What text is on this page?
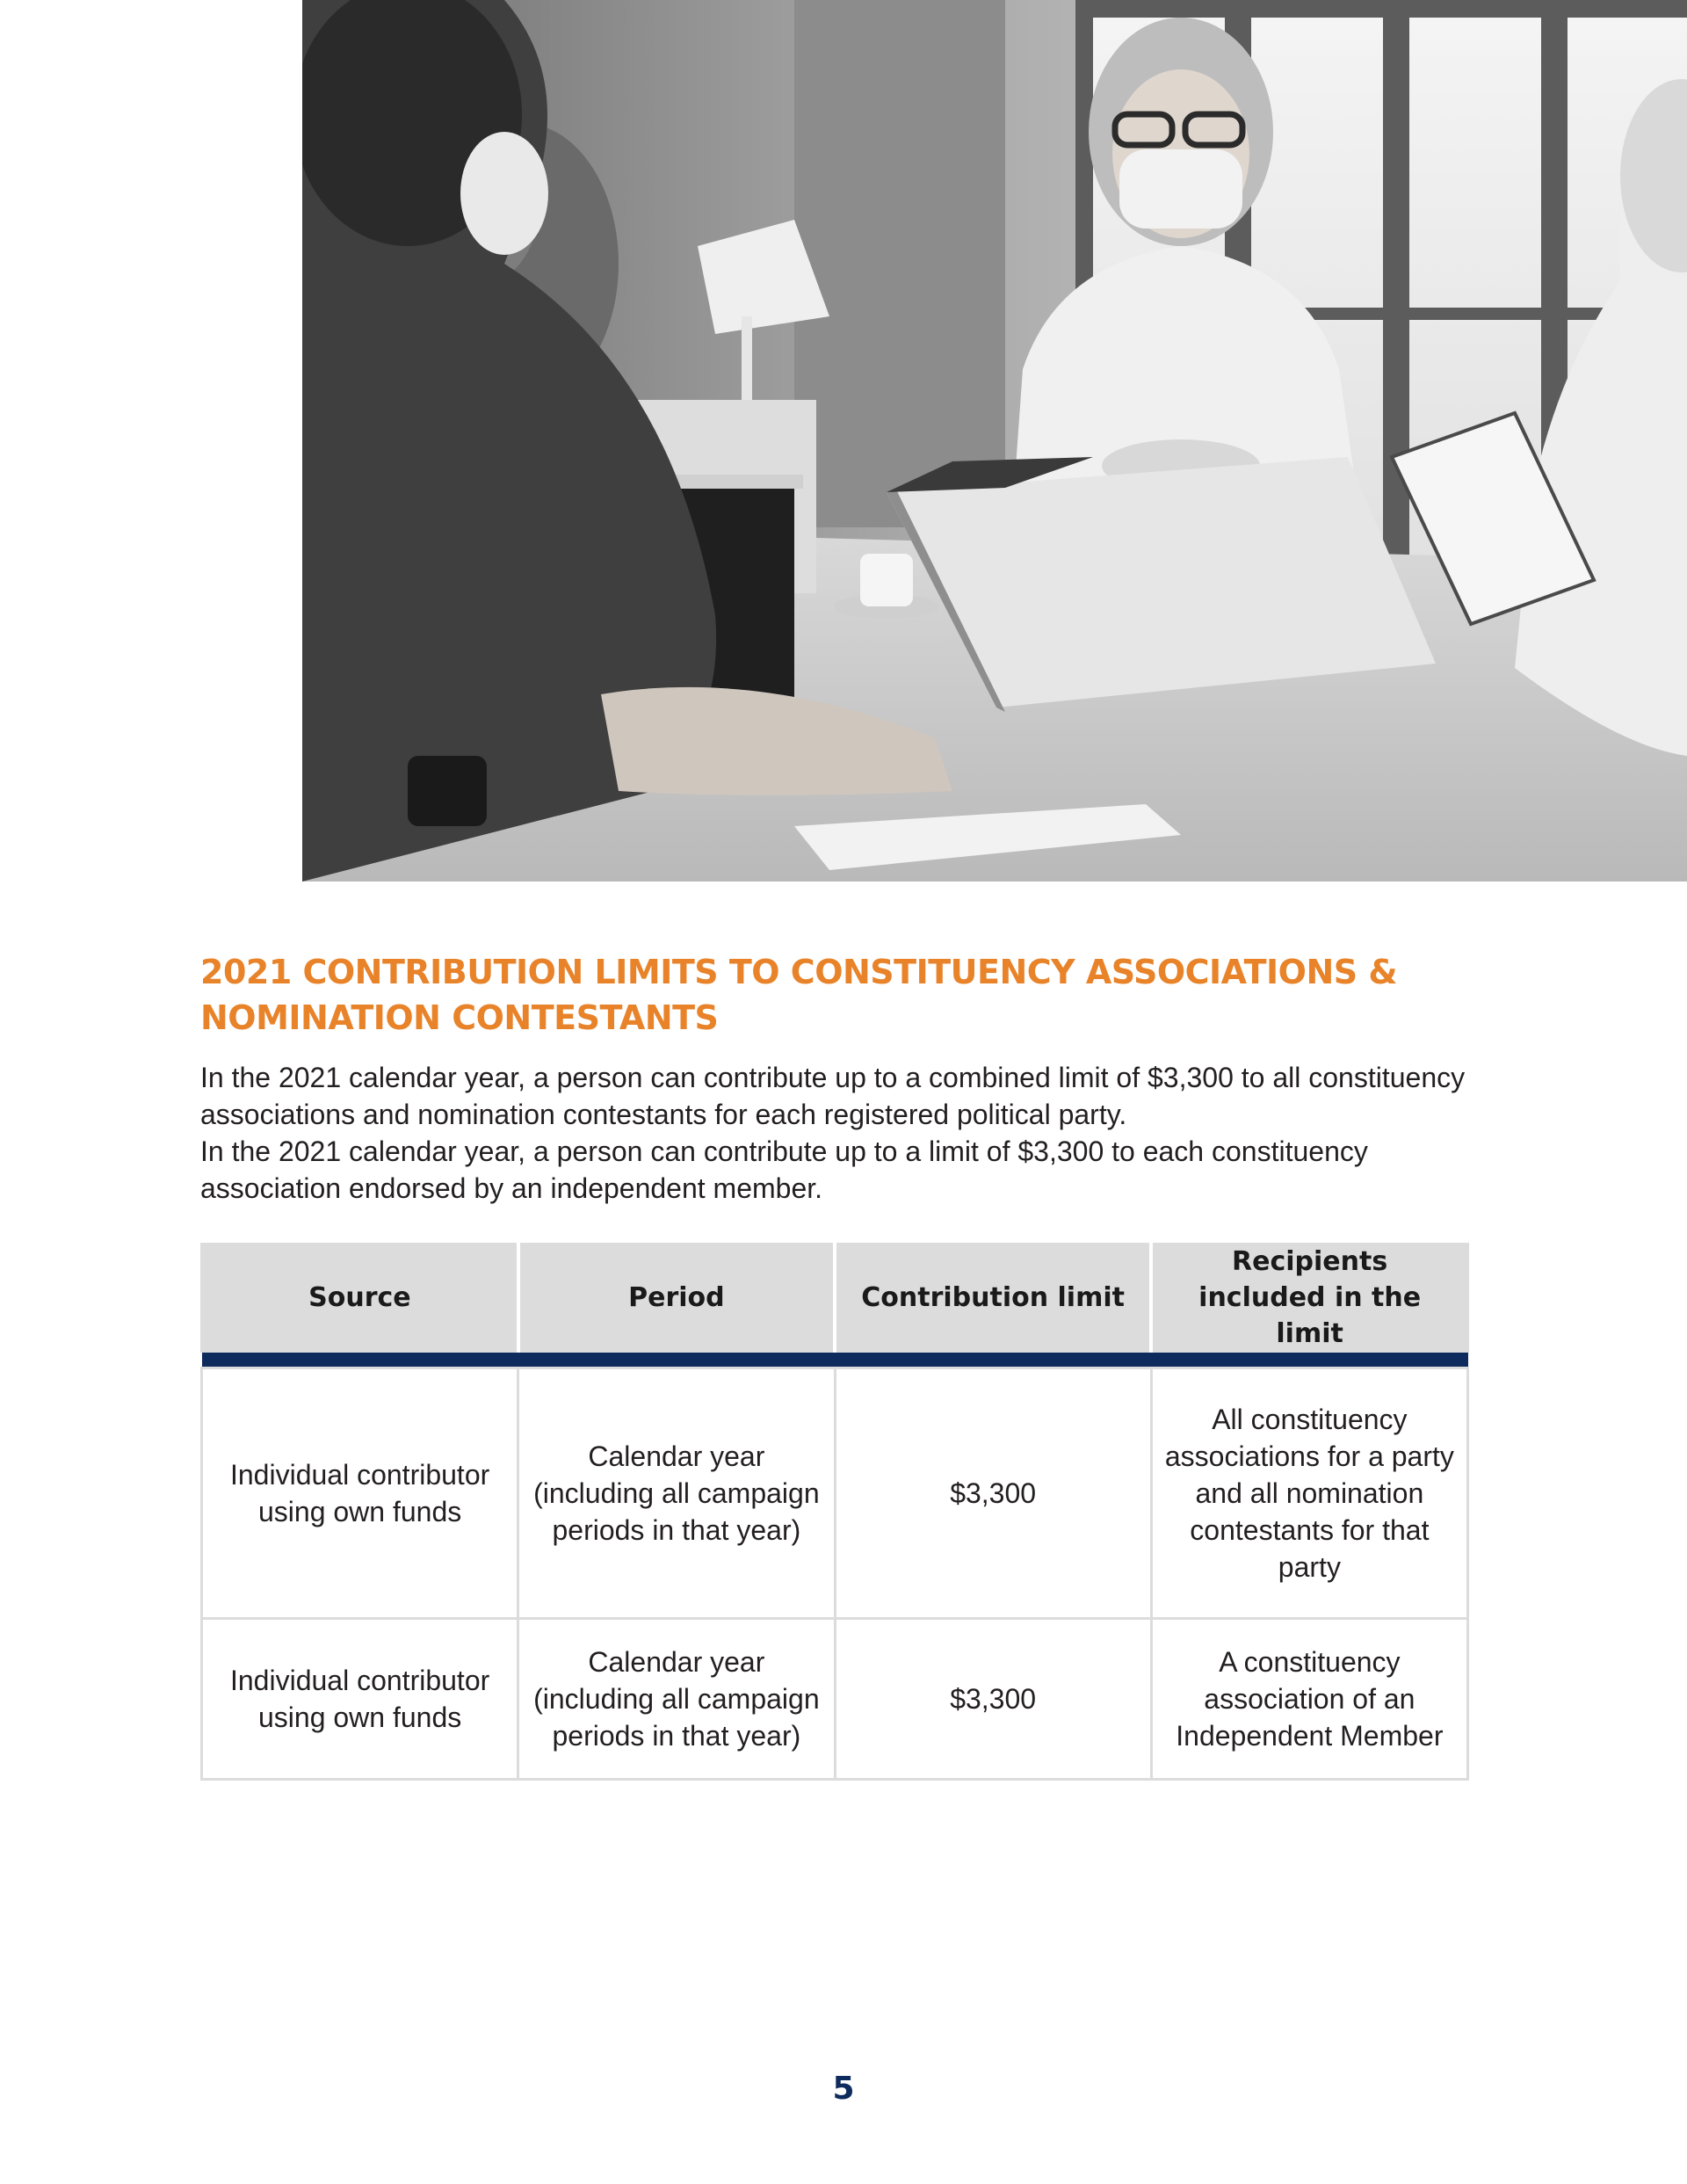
2021 CONTRIBUTION LIMITS TO CONSTITUENCY ASSOCIATIONS &
NOMINATION CONTESTANTS

In the 2021 calendar year, a person can contribute up to a combined limit of $3,300 to all constituency associations and nomination contestants for each registered political party.

In the 2021 calendar year, a person can contribute up to a limit of $3,300 to each constituency association endorsed by an independent member.

Source	Period	Contribution limit	Recipients included in the limit

Individual contributor using own funds	Calendar year (including all campaign periods in that year)	$3,300	All constituency associations for a party and all nomination contestants for that party
Individual contributor using own funds	Calendar year (including all campaign periods in that year)	$3,300	A constituency association of an Independent Member
5
